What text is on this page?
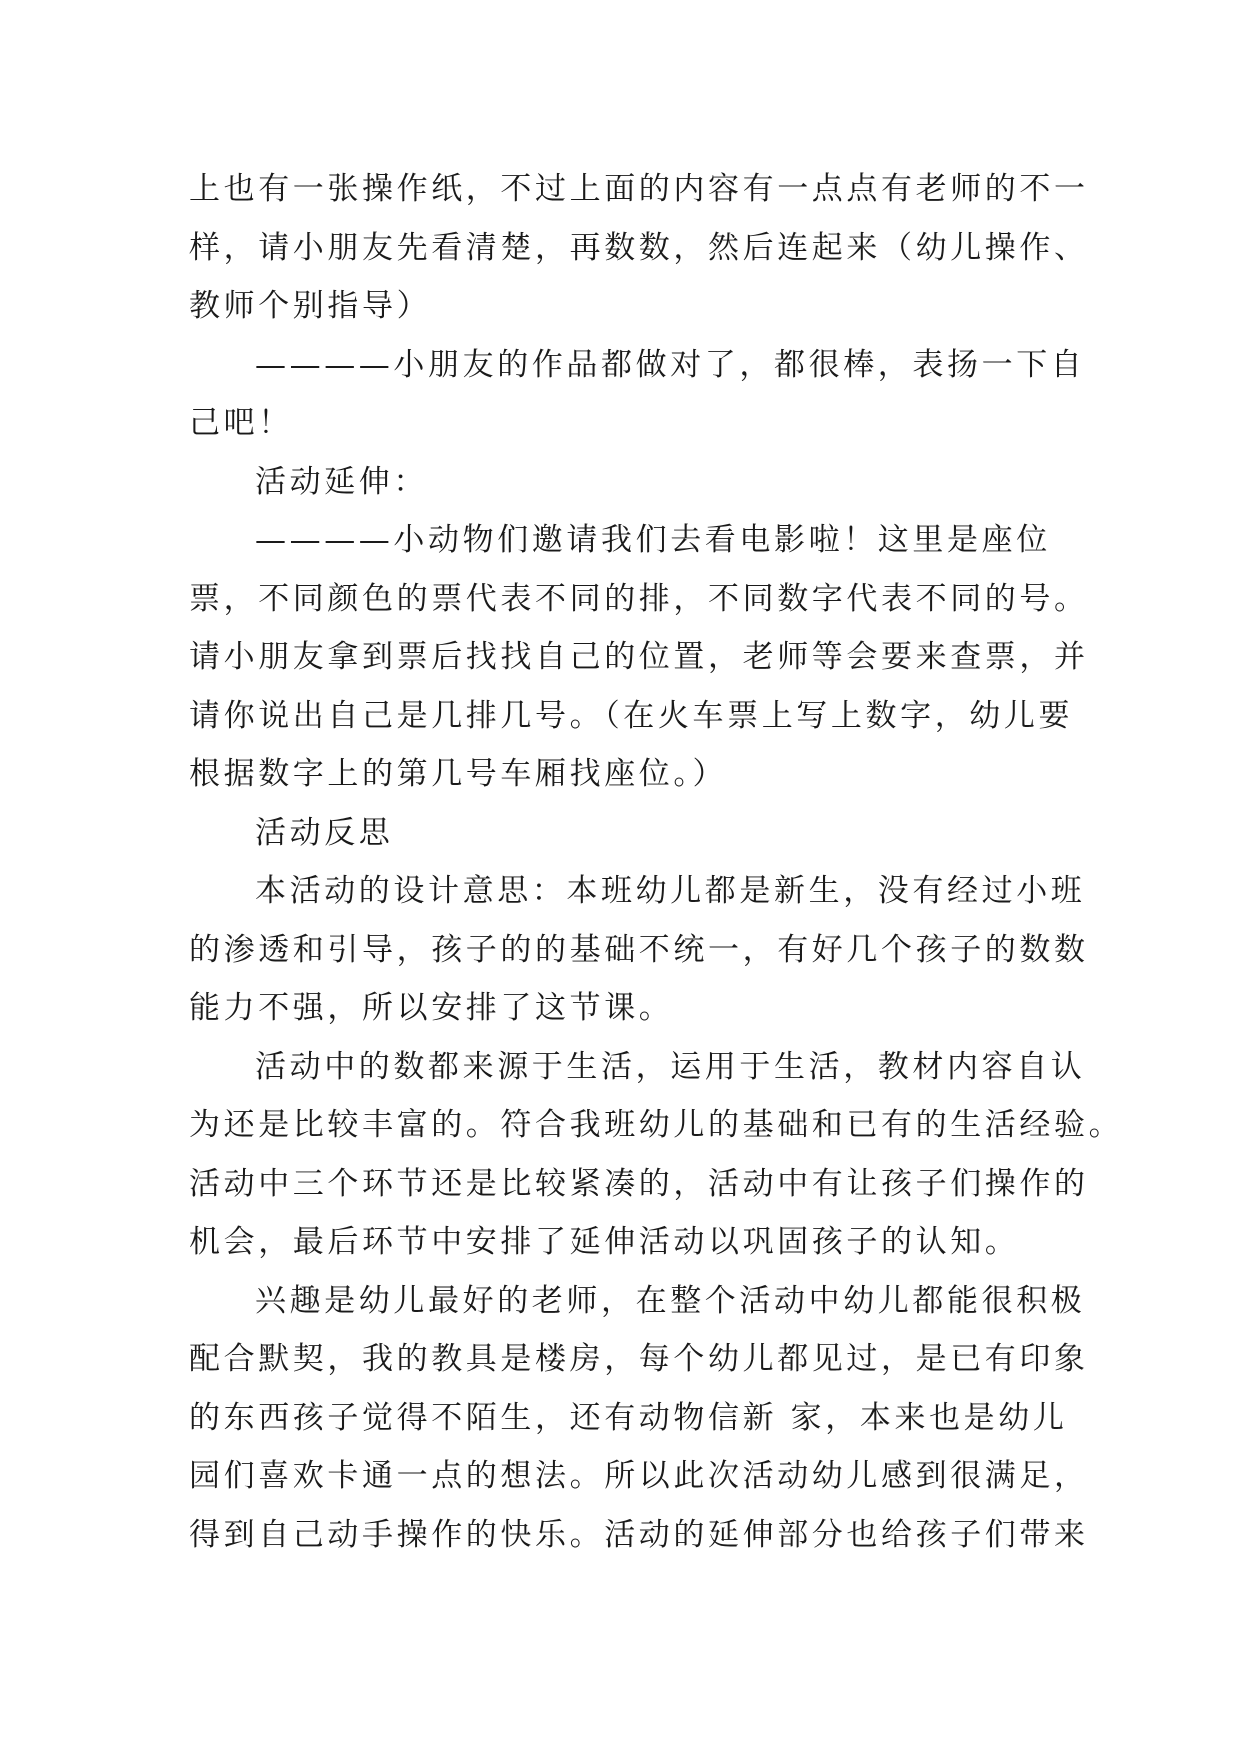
上也有一张操作纸，不过上面的内容有一点点有老师的不一
样，请小朋友先看清楚，再数数，然后连起来（幼儿操作、
教师个别指导）
————小朋友的作品都做对了，都很棒，表扬一下自
己吧！
活动延伸：
————小动物们邀请我们去看电影啦！这里是座位
票，不同颜色的票代表不同的排，不同数字代表不同的号。
请小朋友拿到票后找找自己的位置，老师等会要来查票，并
请你说出自己是几排几号。（在火车票上写上数字，幼儿要
根据数字上的第几号车厢找座位。）
活动反思
本活动的设计意思：本班幼儿都是新生，没有经过小班
的渗透和引导，孩子的的基础不统一，有好几个孩子的数数
能力不强，所以安排了这节课。
活动中的数都来源于生活，运用于生活，教材内容自认
为还是比较丰富的。符合我班幼儿的基础和已有的生活经验。
活动中三个环节还是比较紧凑的，活动中有让孩子们操作的
机会，最后环节中安排了延伸活动以巩固孩子的认知。
兴趣是幼儿最好的老师，在整个活动中幼儿都能很积极
配合默契，我的教具是楼房，每个幼儿都见过，是已有印象
的东西孩子觉得不陌生，还有动物信新 家，本来也是幼儿
园们喜欢卡通一点的想法。所以此次活动幼儿感到很满足，
得到自己动手操作的快乐。活动的延伸部分也给孩子们带来
